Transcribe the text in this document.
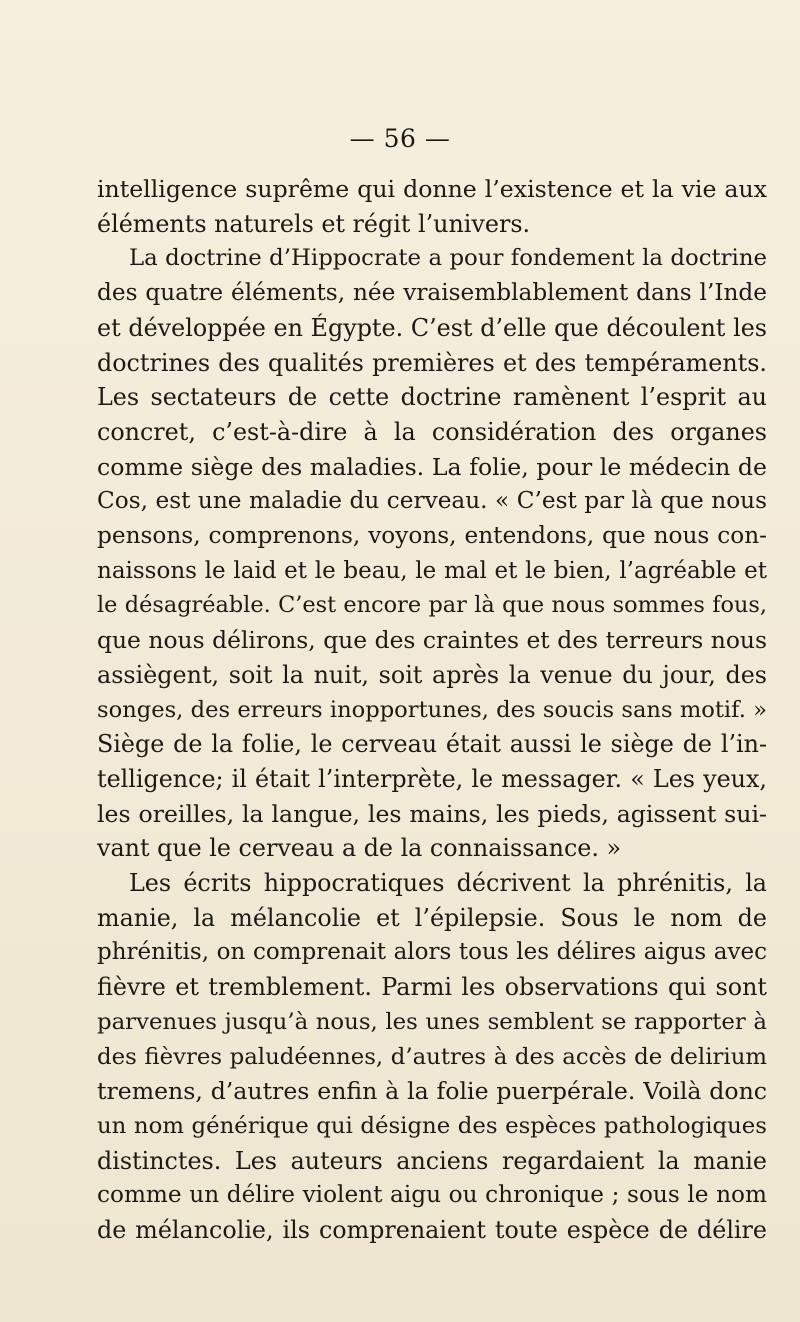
— 56 —
intelligence suprême qui donne l’existence et la vie aux
éléments naturels et régit l’univers.
La doctrine d’Hippocrate a pour fondement la doctrine
des quatre éléments, née vraisemblablement dans l’Inde
et développée en Égypte. C’est d’elle que découlent les
doctrines des qualités premières et des tempéraments.
Les sectateurs de cette doctrine ramènent l’esprit au
concret, c’est-à-dire à la considération des organes
comme siège des maladies. La folie, pour le médecin de
Cos, est une maladie du cerveau. « C’est par là que nous
pensons, comprenons, voyons, entendons, que nous con-
naissons le laid et le beau, le mal et le bien, l’agréable et
le désagréable. C’est encore par là que nous sommes fous,
que nous délirons, que des craintes et des terreurs nous
assiègent, soit la nuit, soit après la venue du jour, des
songes, des erreurs inopportunes, des soucis sans motif. »
Siège de la folie, le cerveau était aussi le siège de l’in-
telligence; il était l’interprète, le messager. « Les yeux,
les oreilles, la langue, les mains, les pieds, agissent sui-
vant que le cerveau a de la connaissance. »
Les écrits hippocratiques décrivent la phrénitis, la
manie, la mélancolie et l’épilepsie. Sous le nom de
phrénitis, on comprenait alors tous les délires aigus avec
fièvre et tremblement. Parmi les observations qui sont
parvenues jusqu’à nous, les unes semblent se rapporter à
des fièvres paludéennes, d’autres à des accès de delirium
tremens, d’autres enfin à la folie puerpérale. Voilà donc
un nom générique qui désigne des espèces pathologiques
distinctes. Les auteurs anciens regardaient la manie
comme un délire violent aigu ou chronique ; sous le nom
de mélancolie, ils comprenaient toute espèce de délire
